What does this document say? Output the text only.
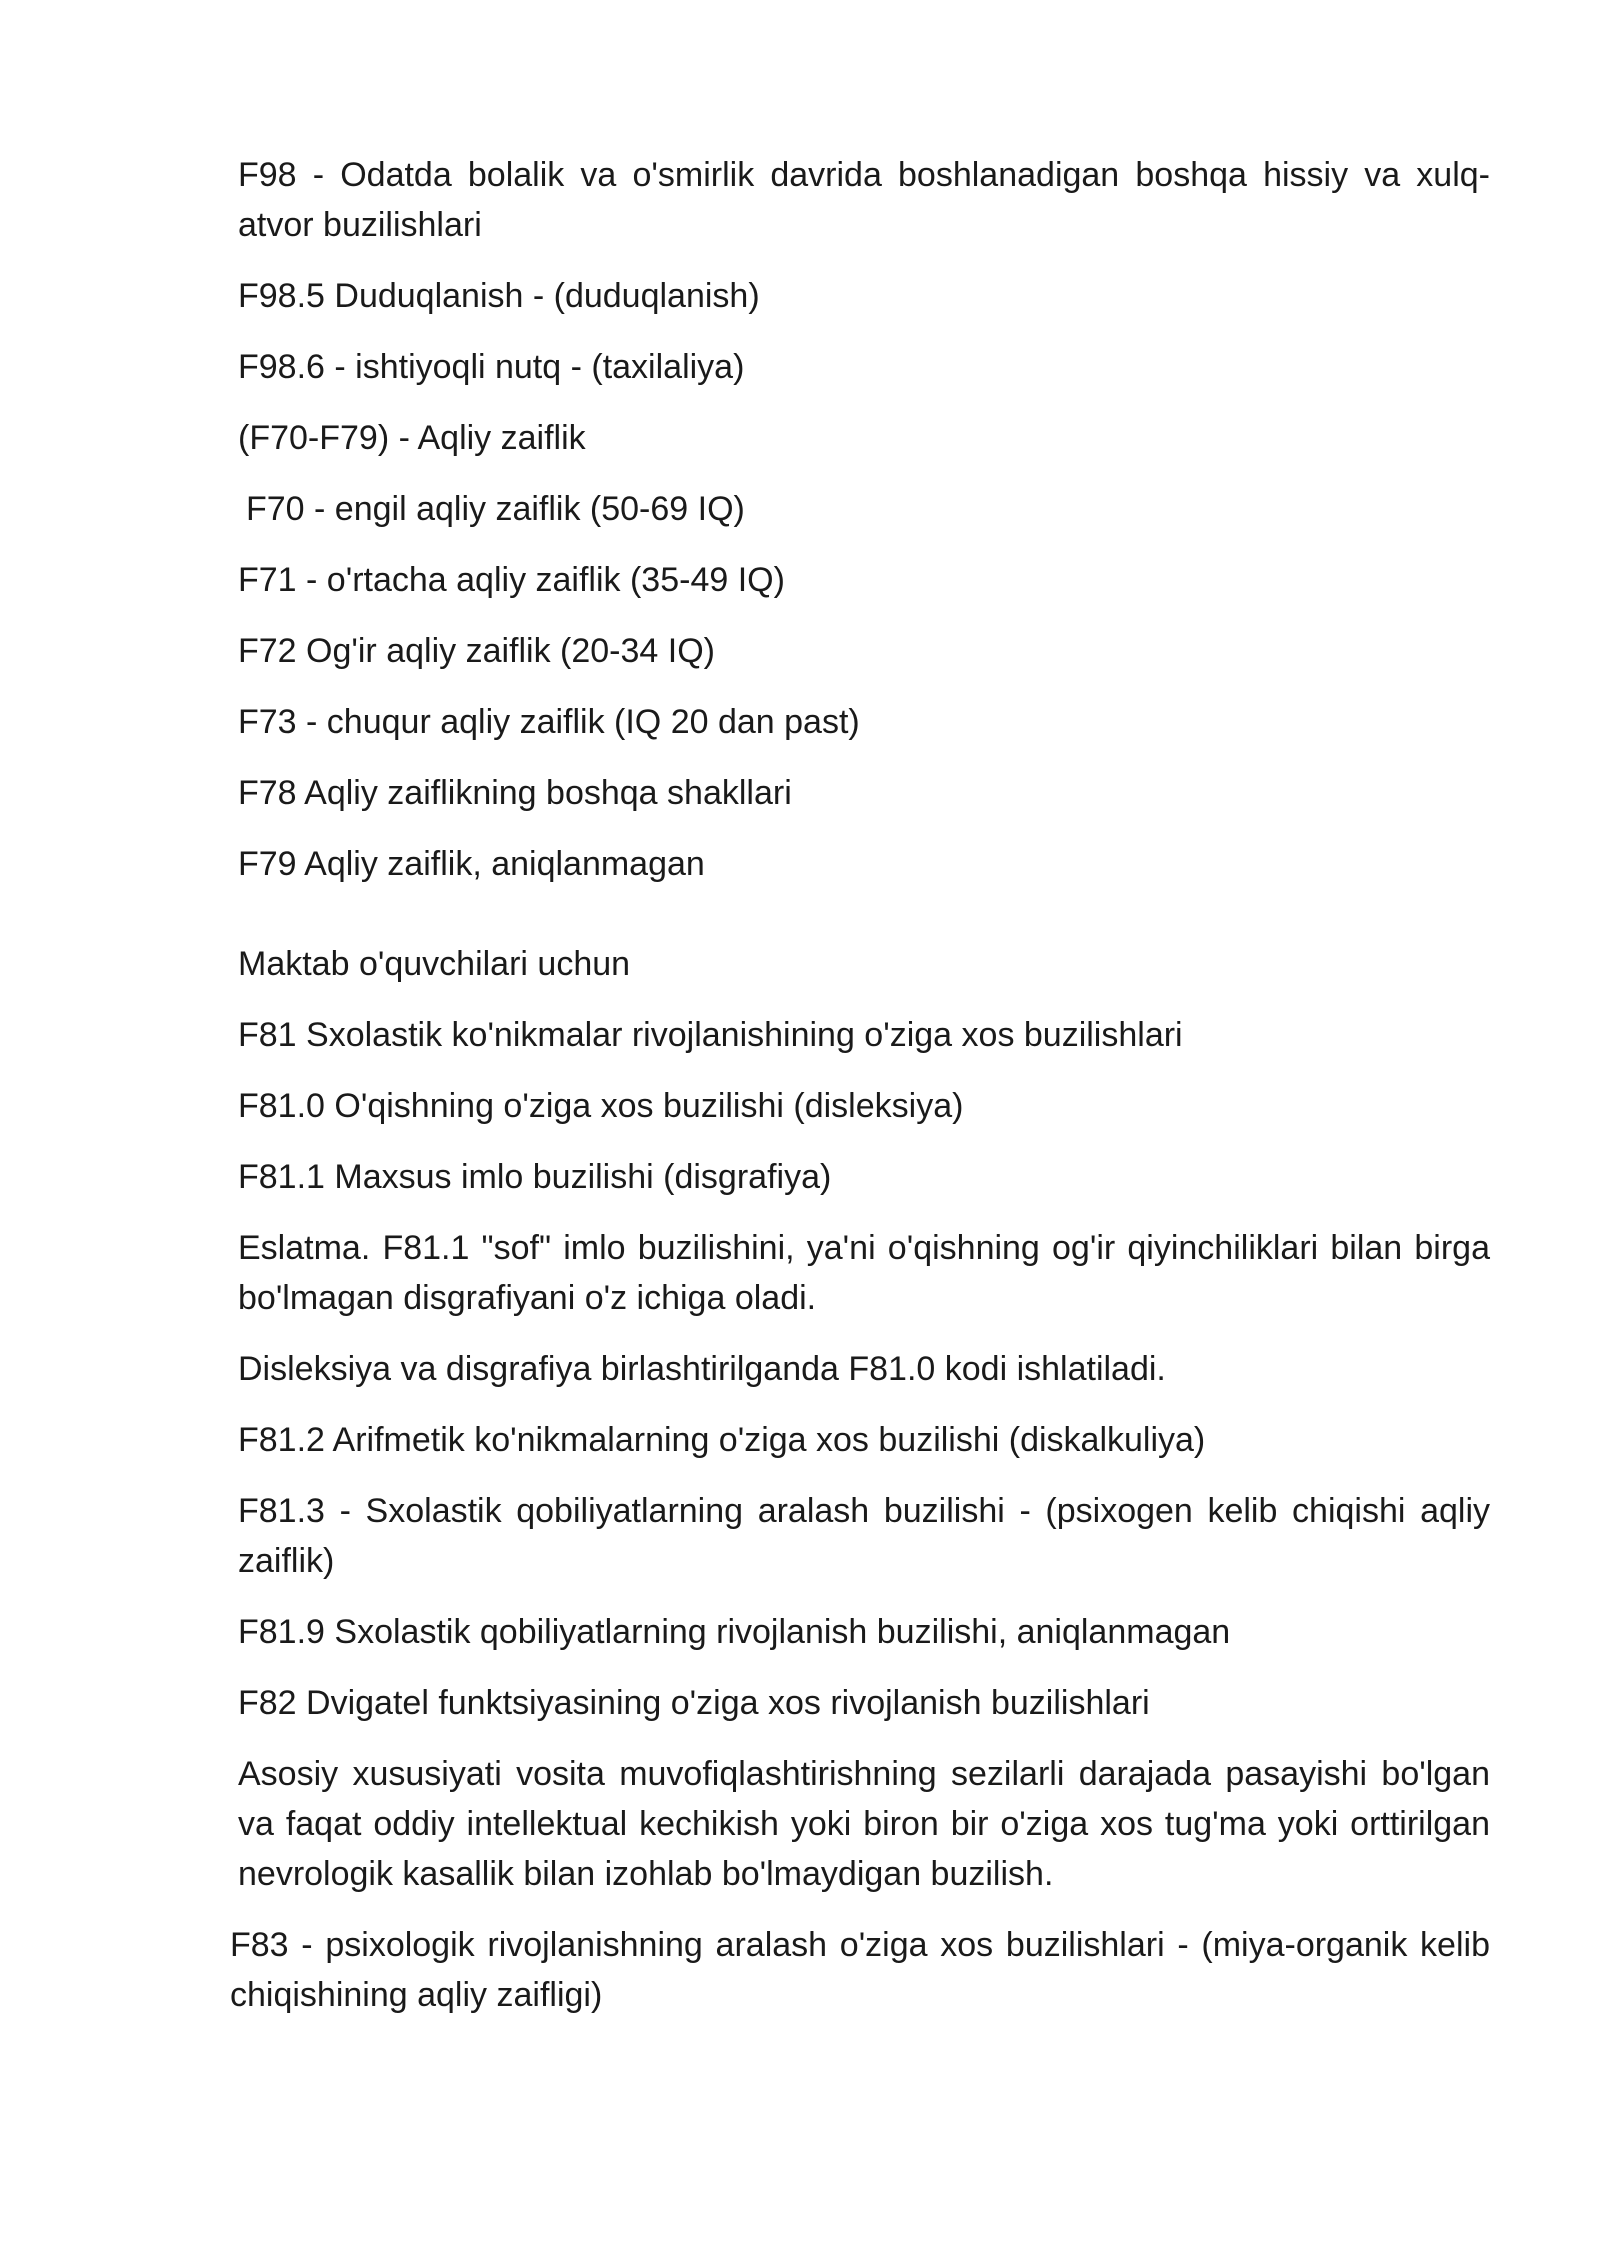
F98 - Odatda bolalik va o'smirlik davrida boshlanadigan boshqa hissiy va xulq-atvor buzilishlari

F98.5 Duduqlanish - (duduqlanish)

F98.6 - ishtiyoqli nutq - (taxilaliya)

(F70-F79) - Aqliy zaiflik

F70 - engil aqliy zaiflik (50-69 IQ)

F71 - o'rtacha aqliy zaiflik (35-49 IQ)

F72 Og'ir aqliy zaiflik (20-34 IQ)

F73 - chuqur aqliy zaiflik (IQ 20 dan past)

F78 Aqliy zaiflikning boshqa shakllari

F79 Aqliy zaiflik, aniqlanmagan

Maktab o'quvchilari uchun

F81 Sxolastik ko'nikmalar rivojlanishining o'ziga xos buzilishlari

F81.0 O'qishning o'ziga xos buzilishi (disleksiya)

F81.1 Maxsus imlo buzilishi (disgrafiya)

Eslatma. F81.1 "sof" imlo buzilishini, ya'ni o'qishning og'ir qiyinchiliklari bilan birga bo'lmagan disgrafiyani o'z ichiga oladi.

Disleksiya va disgrafiya birlashtirilganda F81.0 kodi ishlatiladi.

F81.2 Arifmetik ko'nikmalarning o'ziga xos buzilishi (diskalkuliya)

F81.3 - Sxolastik qobiliyatlarning aralash buzilishi - (psixogen kelib chiqishi aqliy zaiflik)

F81.9 Sxolastik qobiliyatlarning rivojlanish buzilishi, aniqlanmagan

F82 Dvigatel funktsiyasining o'ziga xos rivojlanish buzilishlari

Asosiy xususiyati vosita muvofiqlashtirishning sezilarli darajada pasayishi bo'lgan va faqat oddiy intellektual kechikish yoki biron bir o'ziga xos tug'ma yoki orttirilgan nevrologik kasallik bilan izohlab bo'lmaydigan buzilish.

F83 - psixologik rivojlanishning aralash o'ziga xos buzilishlari - (miya-organik kelib chiqishining aqliy zaifligi)
